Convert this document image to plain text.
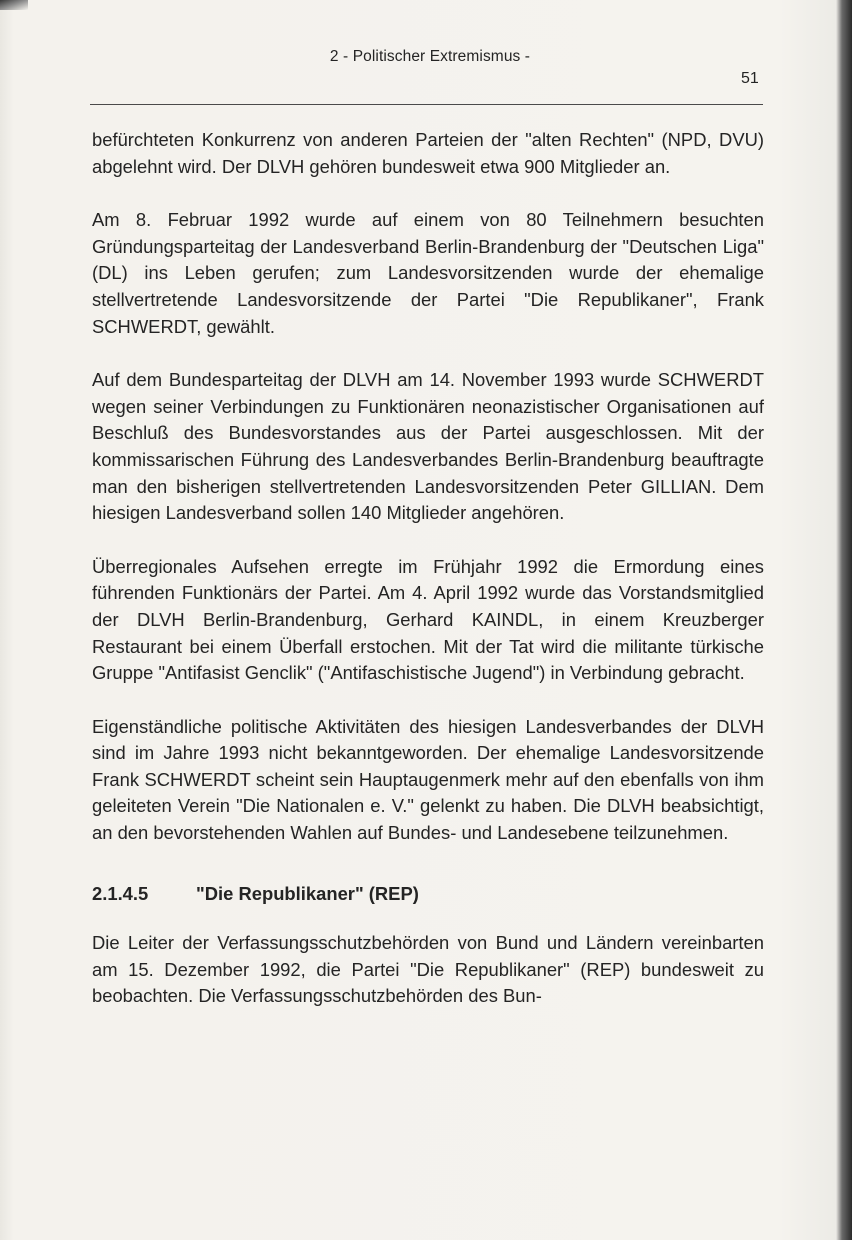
2 - Politischer Extremismus -
51

befürchteten Konkurrenz von anderen Parteien der "alten Rechten" (NPD, DVU) abgelehnt wird. Der DLVH gehören bundesweit etwa 900 Mitglieder an.

Am 8. Februar 1992 wurde auf einem von 80 Teilnehmern besuchten Gründungsparteitag der Landesverband Berlin-Brandenburg der "Deutschen Liga" (DL) ins Leben gerufen; zum Landesvorsitzenden wurde der ehemalige stellvertretende Landesvorsitzende der Partei "Die Republikaner", Frank SCHWERDT, gewählt.

Auf dem Bundesparteitag der DLVH am 14. November 1993 wurde SCHWERDT wegen seiner Verbindungen zu Funktionären neonazistischer Organisationen auf Beschluß des Bundesvorstandes aus der Partei ausgeschlossen. Mit der kommissarischen Führung des Landesverbandes Berlin-Brandenburg beauftragte man den bisherigen stellvertretenden Landesvorsitzenden Peter GILLIAN. Dem hiesigen Landesverband sollen 140 Mitglieder angehören.

Überregionales Aufsehen erregte im Frühjahr 1992 die Ermordung eines führenden Funktionärs der Partei. Am 4. April 1992 wurde das Vorstandsmitglied der DLVH Berlin-Brandenburg, Gerhard KAINDL, in einem Kreuzberger Restaurant bei einem Überfall erstochen. Mit der Tat wird die militante türkische Gruppe "Antifasist Genclik" ("Antifaschistische Jugend") in Verbindung gebracht.

Eigenständliche politische Aktivitäten des hiesigen Landesverbandes der DLVH sind im Jahre 1993 nicht bekanntgeworden. Der ehemalige Landesvorsitzende Frank SCHWERDT scheint sein Hauptaugenmerk mehr auf den ebenfalls von ihm geleiteten Verein "Die Nationalen e. V." gelenkt zu haben. Die DLVH beabsichtigt, an den bevorstehenden Wahlen auf Bundes- und Landesebene teilzunehmen.

2.1.4.5	"Die Republikaner" (REP)

Die Leiter der Verfassungsschutzbehörden von Bund und Ländern vereinbarten am 15. Dezember 1992, die Partei "Die Republikaner" (REP) bundesweit zu beobachten. Die Verfassungsschutzbehörden des Bun-
